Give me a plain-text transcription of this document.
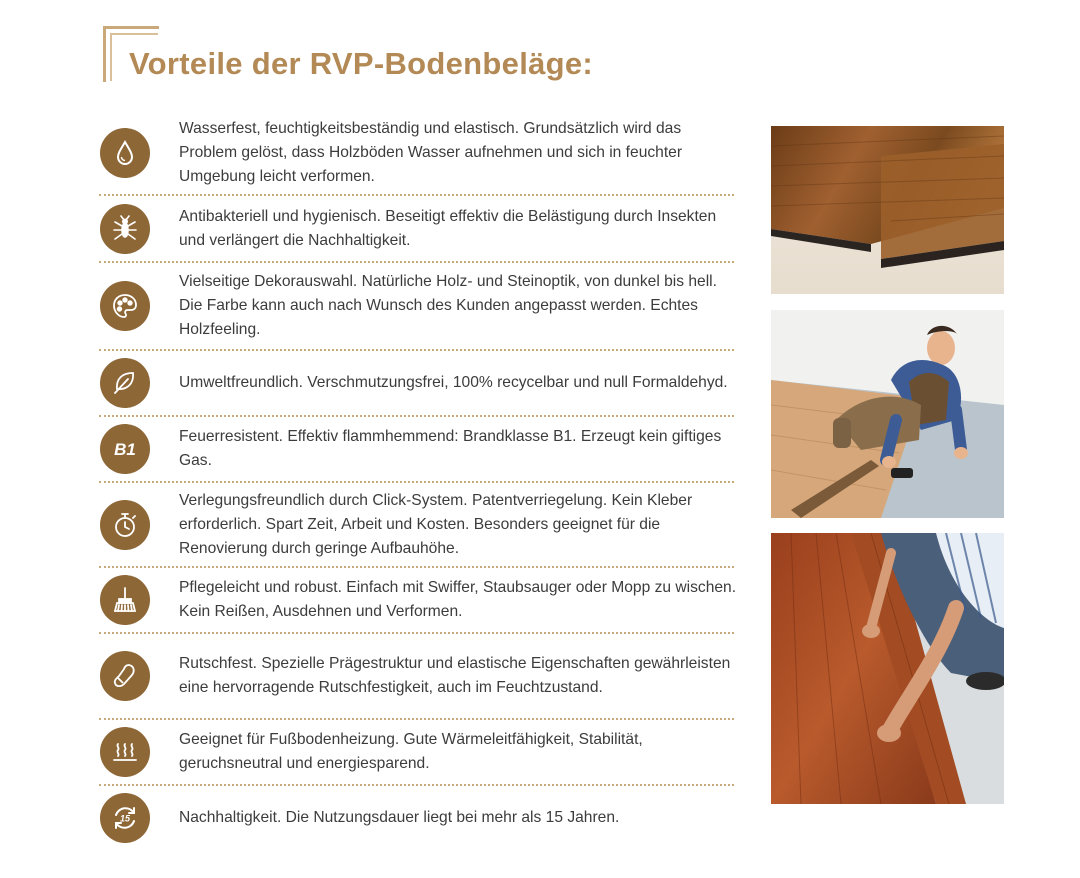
Vorteile der RVP-Bodenbeläge:
Wasserfest, feuchtigkeitsbeständig und elastisch. Grundsätzlich wird das Problem gelöst, dass Holzböden Wasser aufnehmen und sich in feuchter Umgebung leicht verformen.
Antibakteriell und hygienisch. Beseitigt effektiv die Belästigung durch Insekten und verlängert die Nachhaltigkeit.
Vielseitige Dekorauswahl. Natürliche Holz- und Steinoptik, von dunkel bis hell. Die Farbe kann auch nach Wunsch des Kunden angepasst werden. Echtes Holzfeeling.
Umweltfreundlich. Verschmutzungsfrei, 100% recycelbar und null Formaldehyd.
B1
Feuerresistent. Effektiv flammhemmend: Brandklasse B1. Erzeugt kein giftiges Gas.
Verlegungsfreundlich durch Click-System. Patentverriegelung. Kein Kleber erforderlich. Spart Zeit, Arbeit und Kosten. Besonders geeignet für die Renovierung durch geringe Aufbauhöhe.
Pflegeleicht und robust. Einfach mit Swiffer, Staubsauger oder Mopp zu wischen. Kein Reißen, Ausdehnen und Verformen.
Rutschfest. Spezielle Prägestruktur und elastische Eigenschaften gewährleisten eine hervorragende Rutschfestigkeit, auch im Feuchtzustand.
Geeignet für Fußbodenheizung. Gute Wärmeleitfähigkeit, Stabilität, geruchsneutral und energiesparend.
15	Nachhaltigkeit. Die Nutzungsdauer liegt bei mehr als 15 Jahren.
